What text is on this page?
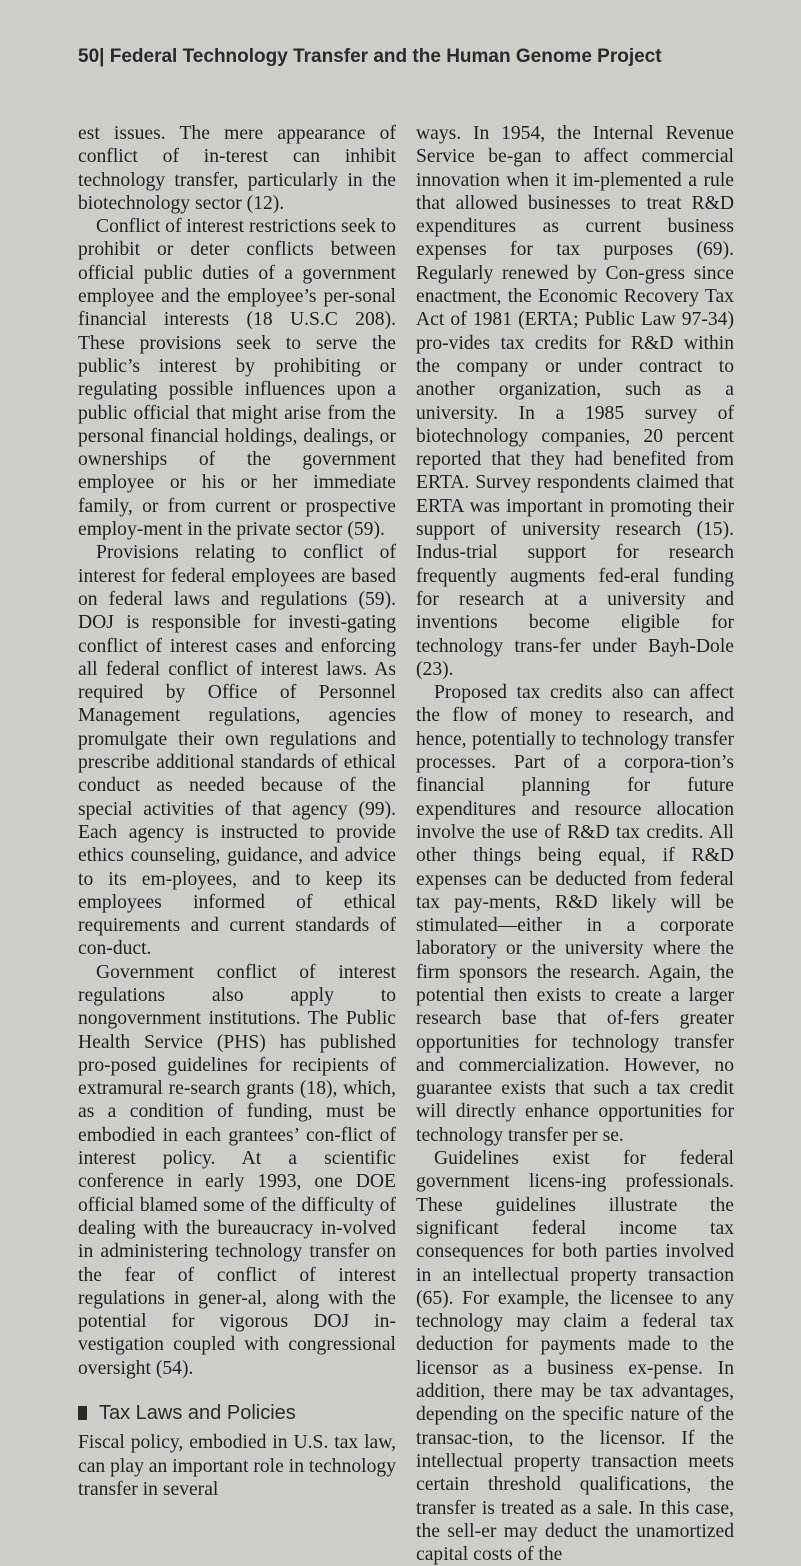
50| Federal Technology Transfer and the Human Genome Project

est issues. The mere appearance of conflict of in-terest can inhibit technology transfer, particularly in the biotechnology sector (12).

Conflict of interest restrictions seek to prohibit or deter conflicts between official public duties of a government employee and the employee’s per-sonal financial interests (18 U.S.C 208). These provisions seek to serve the public’s interest by prohibiting or regulating possible influences upon a public official that might arise from the personal financial holdings, dealings, or ownerships of the government employee or his or her immediate family, or from current or prospective employ-ment in the private sector (59).

Provisions relating to conflict of interest for federal employees are based on federal laws and regulations (59). DOJ is responsible for investi-gating conflict of interest cases and enforcing all federal conflict of interest laws. As required by Office of Personnel Management regulations, agencies promulgate their own regulations and prescribe additional standards of ethical conduct as needed because of the special activities of that agency (99). Each agency is instructed to provide ethics counseling, guidance, and advice to its em-ployees, and to keep its employees informed of ethical requirements and current standards of con-duct.

Government conflict of interest regulations also apply to nongovernment institutions. The Public Health Service (PHS) has published pro-posed guidelines for recipients of extramural re-search grants (18), which, as a condition of funding, must be embodied in each grantees’ con-flict of interest policy. At a scientific conference in early 1993, one DOE official blamed some of the difficulty of dealing with the bureaucracy in-volved in administering technology transfer on the fear of conflict of interest regulations in gener-al, along with the potential for vigorous DOJ in-vestigation coupled with congressional oversight (54).

Tax Laws and Policies

Fiscal policy, embodied in U.S. tax law, can play an important role in technology transfer in several

ways. In 1954, the Internal Revenue Service be-gan to affect commercial innovation when it im-plemented a rule that allowed businesses to treat R&D expenditures as current business expenses for tax purposes (69). Regularly renewed by Con-gress since enactment, the Economic Recovery Tax Act of 1981 (ERTA; Public Law 97-34) pro-vides tax credits for R&D within the company or under contract to another organization, such as a university. In a 1985 survey of biotechnology companies, 20 percent reported that they had benefited from ERTA. Survey respondents claimed that ERTA was important in promoting their support of university research (15). Indus-trial support for research frequently augments fed-eral funding for research at a university and inventions become eligible for technology trans-fer under Bayh-Dole (23).

Proposed tax credits also can affect the flow of money to research, and hence, potentially to technology transfer processes. Part of a corpora-tion’s financial planning for future expenditures and resource allocation involve the use of R&D tax credits. All other things being equal, if R&D expenses can be deducted from federal tax pay-ments, R&D likely will be stimulated—either in a corporate laboratory or the university where the firm sponsors the research. Again, the potential then exists to create a larger research base that of-fers greater opportunities for technology transfer and commercialization. However, no guarantee exists that such a tax credit will directly enhance opportunities for technology transfer per se.

Guidelines exist for federal government licens-ing professionals. These guidelines illustrate the significant federal income tax consequences for both parties involved in an intellectual property transaction (65). For example, the licensee to any technology may claim a federal tax deduction for payments made to the licensor as a business ex-pense. In addition, there may be tax advantages, depending on the specific nature of the transac-tion, to the licensor. If the intellectual property transaction meets certain threshold qualifications, the transfer is treated as a sale. In this case, the sell-er may deduct the unamortized capital costs of the
